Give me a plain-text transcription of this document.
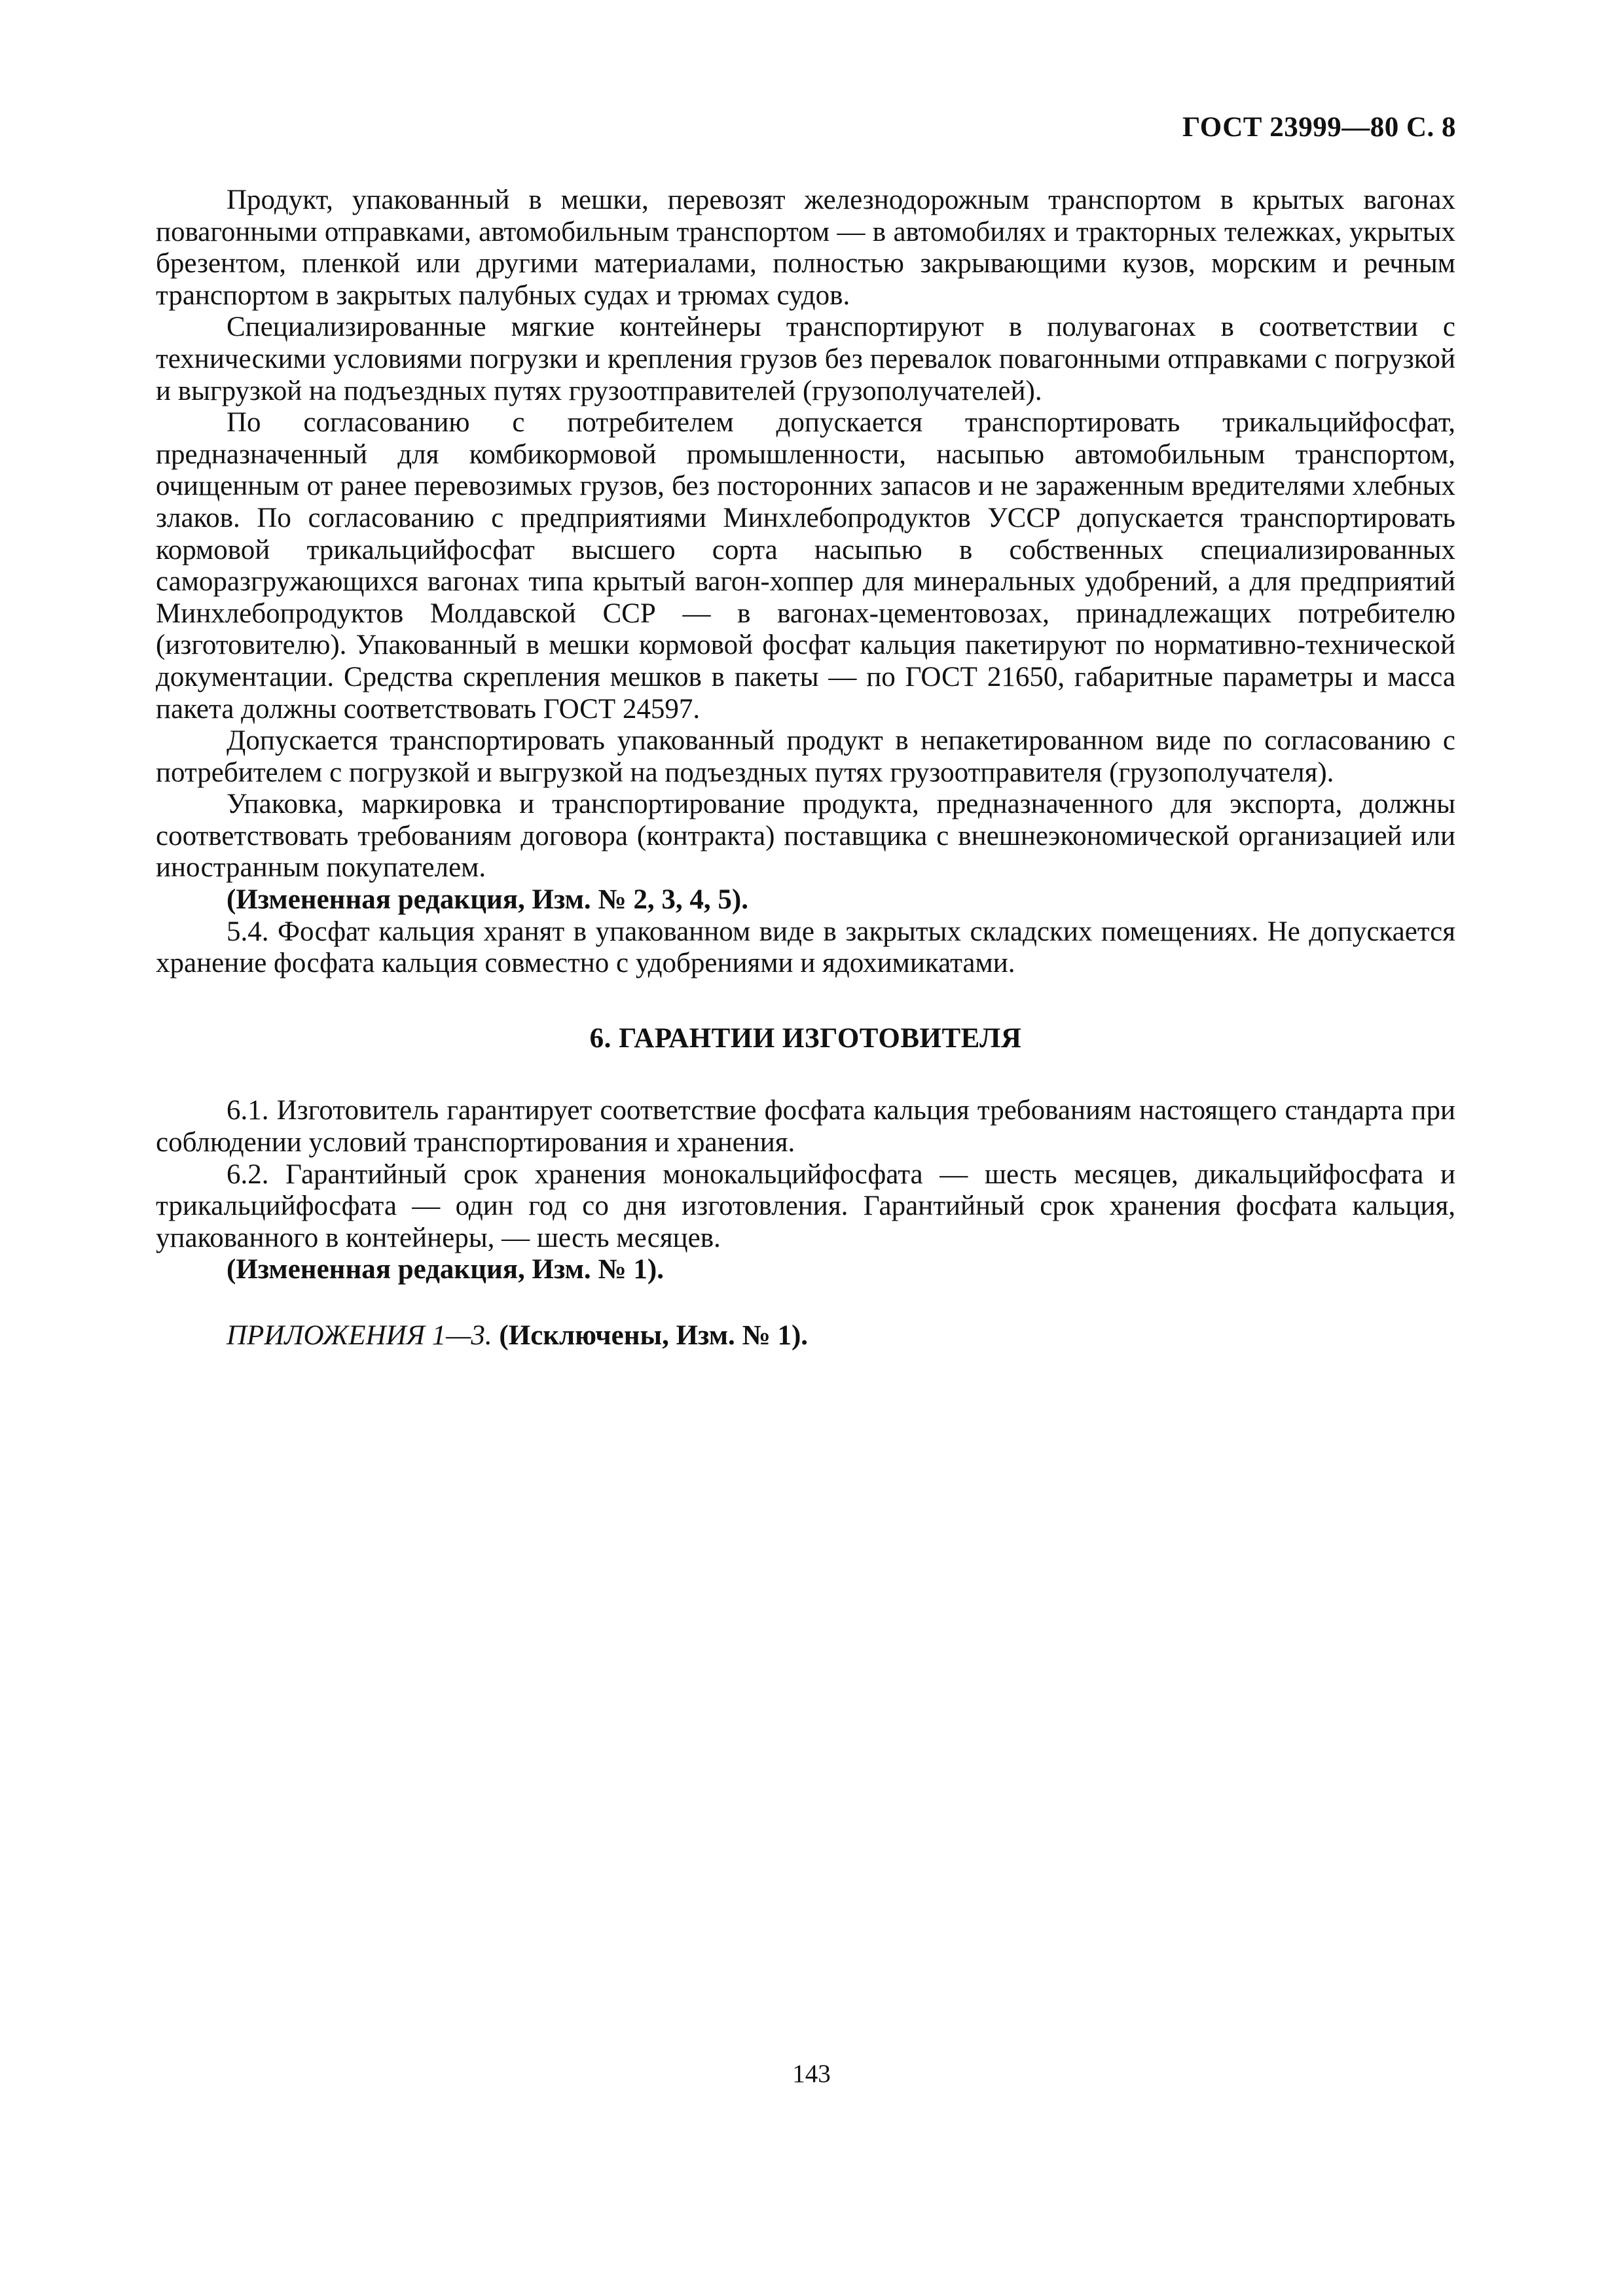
ГОСТ 23999—80 С. 8

Продукт, упакованный в мешки, перевозят железнодорожным транспортом в крытых вагонах повагонными отправками, автомобильным транспортом — в автомобилях и тракторных тележках, укрытых брезентом, пленкой или другими материалами, полностью закрывающими кузов, морским и речным транспортом в закрытых палубных судах и трюмах судов.

Специализированные мягкие контейнеры транспортируют в полувагонах в соответствии с техническими условиями погрузки и крепления грузов без перевалок повагонными отправками с погрузкой и выгрузкой на подъездных путях грузоотправителей (грузополучателей).

По согласованию с потребителем допускается транспортировать трикальцийфосфат, предназначенный для комбикормовой промышленности, насыпью автомобильным транспортом, очищенным от ранее перевозимых грузов, без посторонних запасов и не зараженным вредителями хлебных злаков. По согласованию с предприятиями Минхлебопродуктов УССР допускается транспортировать кормовой трикальцийфосфат высшего сорта насыпью в собственных специализированных саморазгружающихся вагонах типа крытый вагон-хоппер для минеральных удобрений, а для предприятий Минхлебопродуктов Молдавской ССР — в вагонах-цементовозах, принадлежащих потребителю (изготовителю). Упакованный в мешки кормовой фосфат кальция пакетируют по нормативно-технической документации. Средства скрепления мешков в пакеты — по ГОСТ 21650, габаритные параметры и масса пакета должны соответствовать ГОСТ 24597.

Допускается транспортировать упакованный продукт в непакетированном виде по согласованию с потребителем с погрузкой и выгрузкой на подъездных путях грузоотправителя (грузополучателя).

Упаковка, маркировка и транспортирование продукта, предназначенного для экспорта, должны соответствовать требованиям договора (контракта) поставщика с внешнеэкономической организацией или иностранным покупателем.

(Измененная редакция, Изм. № 2, 3, 4, 5).

5.4. Фосфат кальция хранят в упакованном виде в закрытых складских помещениях. Не допускается хранение фосфата кальция совместно с удобрениями и ядохимикатами.

6. ГАРАНТИИ ИЗГОТОВИТЕЛЯ

6.1. Изготовитель гарантирует соответствие фосфата кальция требованиям настоящего стандарта при соблюдении условий транспортирования и хранения.

6.2. Гарантийный срок хранения монокальцийфосфата — шесть месяцев, дикальцийфосфата и трикальцийфосфата — один год со дня изготовления. Гарантийный срок хранения фосфата кальция, упакованного в контейнеры, — шесть месяцев.

(Измененная редакция, Изм. № 1).

ПРИЛОЖЕНИЯ 1—3. (Исключены, Изм. № 1).

143
